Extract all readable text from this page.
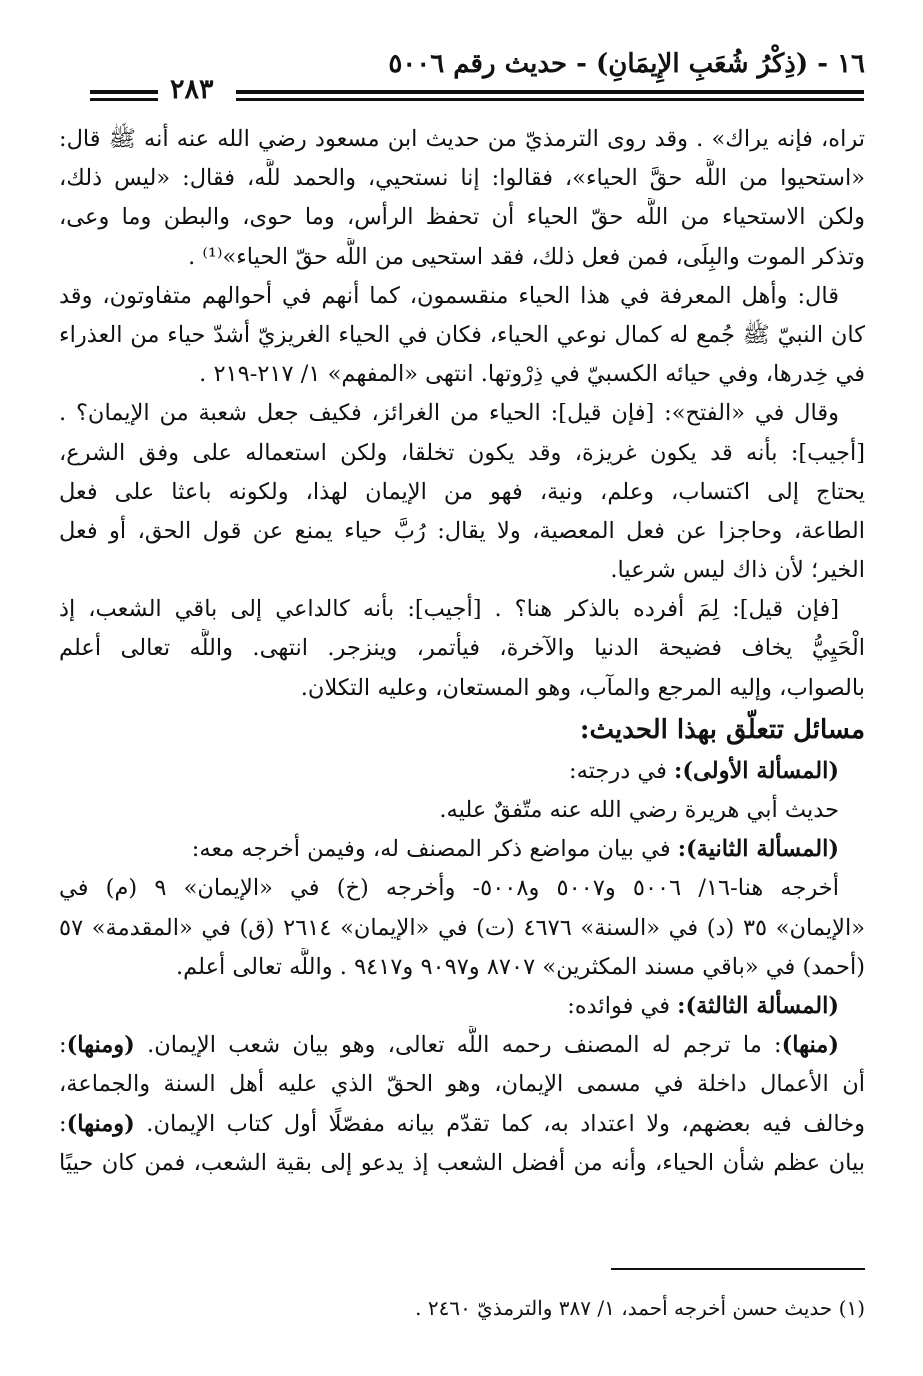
١٦ - (ذِكْرُ شُعَبِ الإِيمَانِ) - حديث رقم ٥٠٠٦
٢٨٣
تراه، فإنه يراك» . وقد روى الترمذيّ من حديث ابن مسعود رضي الله عنه أنه ﷺ قال:
«استحيوا من اللَّه حقَّ الحياء»، فقالوا: إنا نستحيي، والحمد للَّه، فقال: «ليس ذلك،
ولكن الاستحياء من اللَّه حقّ الحياء أن تحفظ الرأس، وما حوى، والبطن وما وعى،
وتذكر الموت والبِلَى، فمن فعل ذلك، فقد استحيى من اللَّه حقّ الحياء»⁽¹⁾ .
قال: وأهل المعرفة في هذا الحياء منقسمون، كما أنهم في أحوالهم متفاوتون، وقد
كان النبيّ ﷺ جُمع له كمال نوعي الحياء، فكان في الحياء الغريزيّ أشدّ حياء من العذراء
في خِدرها، وفي حيائه الكسبيّ في ذِرْوتها. انتهى «المفهم» ١/ ٢١٧-٢١٩ .
وقال في «الفتح»: [فإن قيل]: الحياء من الغرائز، فكيف جعل شعبة من الإيمان؟ .
[أجيب]: بأنه قد يكون غريزة، وقد يكون تخلقا، ولكن استعماله على وفق الشرع،
يحتاج إلى اكتساب، وعلم، ونية، فهو من الإيمان لهذا، ولكونه باعثا على فعل
الطاعة، وحاجزا عن فعل المعصية، ولا يقال: رُبَّ حياء يمنع عن قول الحق، أو فعل
الخير؛ لأن ذاك ليس شرعيا.
[فإن قيل]: لِمَ أفرده بالذكر هنا؟ . [أجيب]: بأنه كالداعي إلى باقي الشعب، إذ
الْحَيِيُّ يخاف فضيحة الدنيا والآخرة، فيأتمر، وينزجر. انتهى. واللَّه تعالى أعلم
بالصواب، وإليه المرجع والمآب، وهو المستعان، وعليه التكلان.
مسائل تتعلّق بهذا الحديث:
(المسألة الأولى): في درجته:
حديث أبي هريرة رضي الله عنه متّفقٌ عليه.
(المسألة الثانية): في بيان مواضع ذكر المصنف له، وفيمن أخرجه معه:
أخرجه هنا-١٦/ ٥٠٠٦ و٥٠٠٧ و٥٠٠٨- وأخرجه (خ) في «الإيمان» ٩ (م) في
«الإيمان» ٣٥ (د) في «السنة» ٤٦٧٦ (ت) في «الإيمان» ٢٦١٤ (ق) في «المقدمة» ٥٧
(أحمد) في «باقي مسند المكثرين» ٨٧٠٧ و٩٠٩٧ و٩٤١٧ . واللَّه تعالى أعلم.
(المسألة الثالثة): في فوائده:
(منها): ما ترجم له المصنف رحمه اللَّه تعالى، وهو بيان شعب الإيمان. (ومنها):
أن الأعمال داخلة في مسمى الإيمان، وهو الحقّ الذي عليه أهل السنة والجماعة،
وخالف فيه بعضهم، ولا اعتداد به، كما تقدّم بيانه مفصّلًا أول كتاب الإيمان. (ومنها):
بيان عظم شأن الحياء، وأنه من أفضل الشعب إذ يدعو إلى بقية الشعب، فمن كان حييًا
(١) حديث حسن أخرجه أحمد، ١/ ٣٨٧ والترمذيّ ٢٤٦٠ .
